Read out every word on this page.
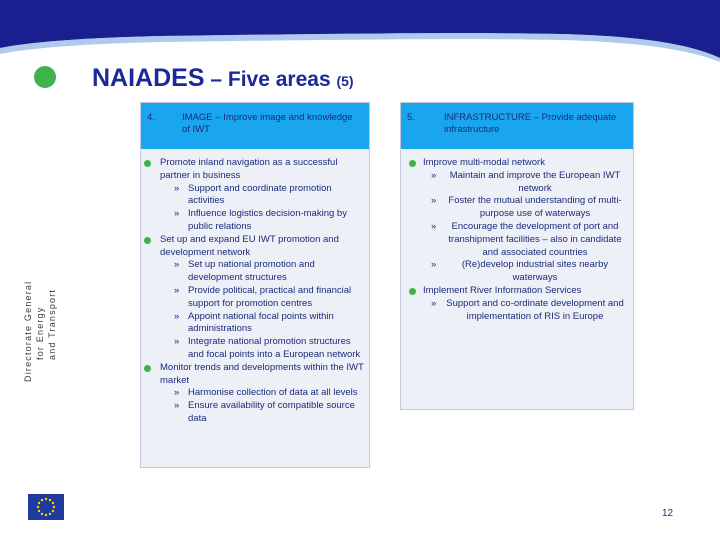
NAIADES – Five areas (5)
4.	IMAGE – Improve image and knowledge of IWT
Promote inland navigation as a successful partner in business
» Support and coordinate promotion activities
» Influence logistics decision-making by public relations
Set up and expand EU IWT promotion and development network
» Set up national promotion and development structures
» Provide political, practical and financial support for promotion centres
» Appoint national focal points within administrations
» Integrate national promotion structures and focal points into a European network
Monitor trends and developments within the IWT market
» Harmonise collection of data at all levels
» Ensure availability of compatible source data
5.	INFRASTRUCTURE – Provide adequate infrastructure
Improve multi-modal network
» Maintain and improve the European IWT network
» Foster the mutual understanding of multi-purpose use of waterways
» Encourage the development of port and transhipment facilities – also in candidate and associated countries
»	(Re)develop industrial sites nearby waterways
Implement River Information Services
» Support and co-ordinate development and implementation of RIS in Europe
Directorate General for Energy and Transport
12
